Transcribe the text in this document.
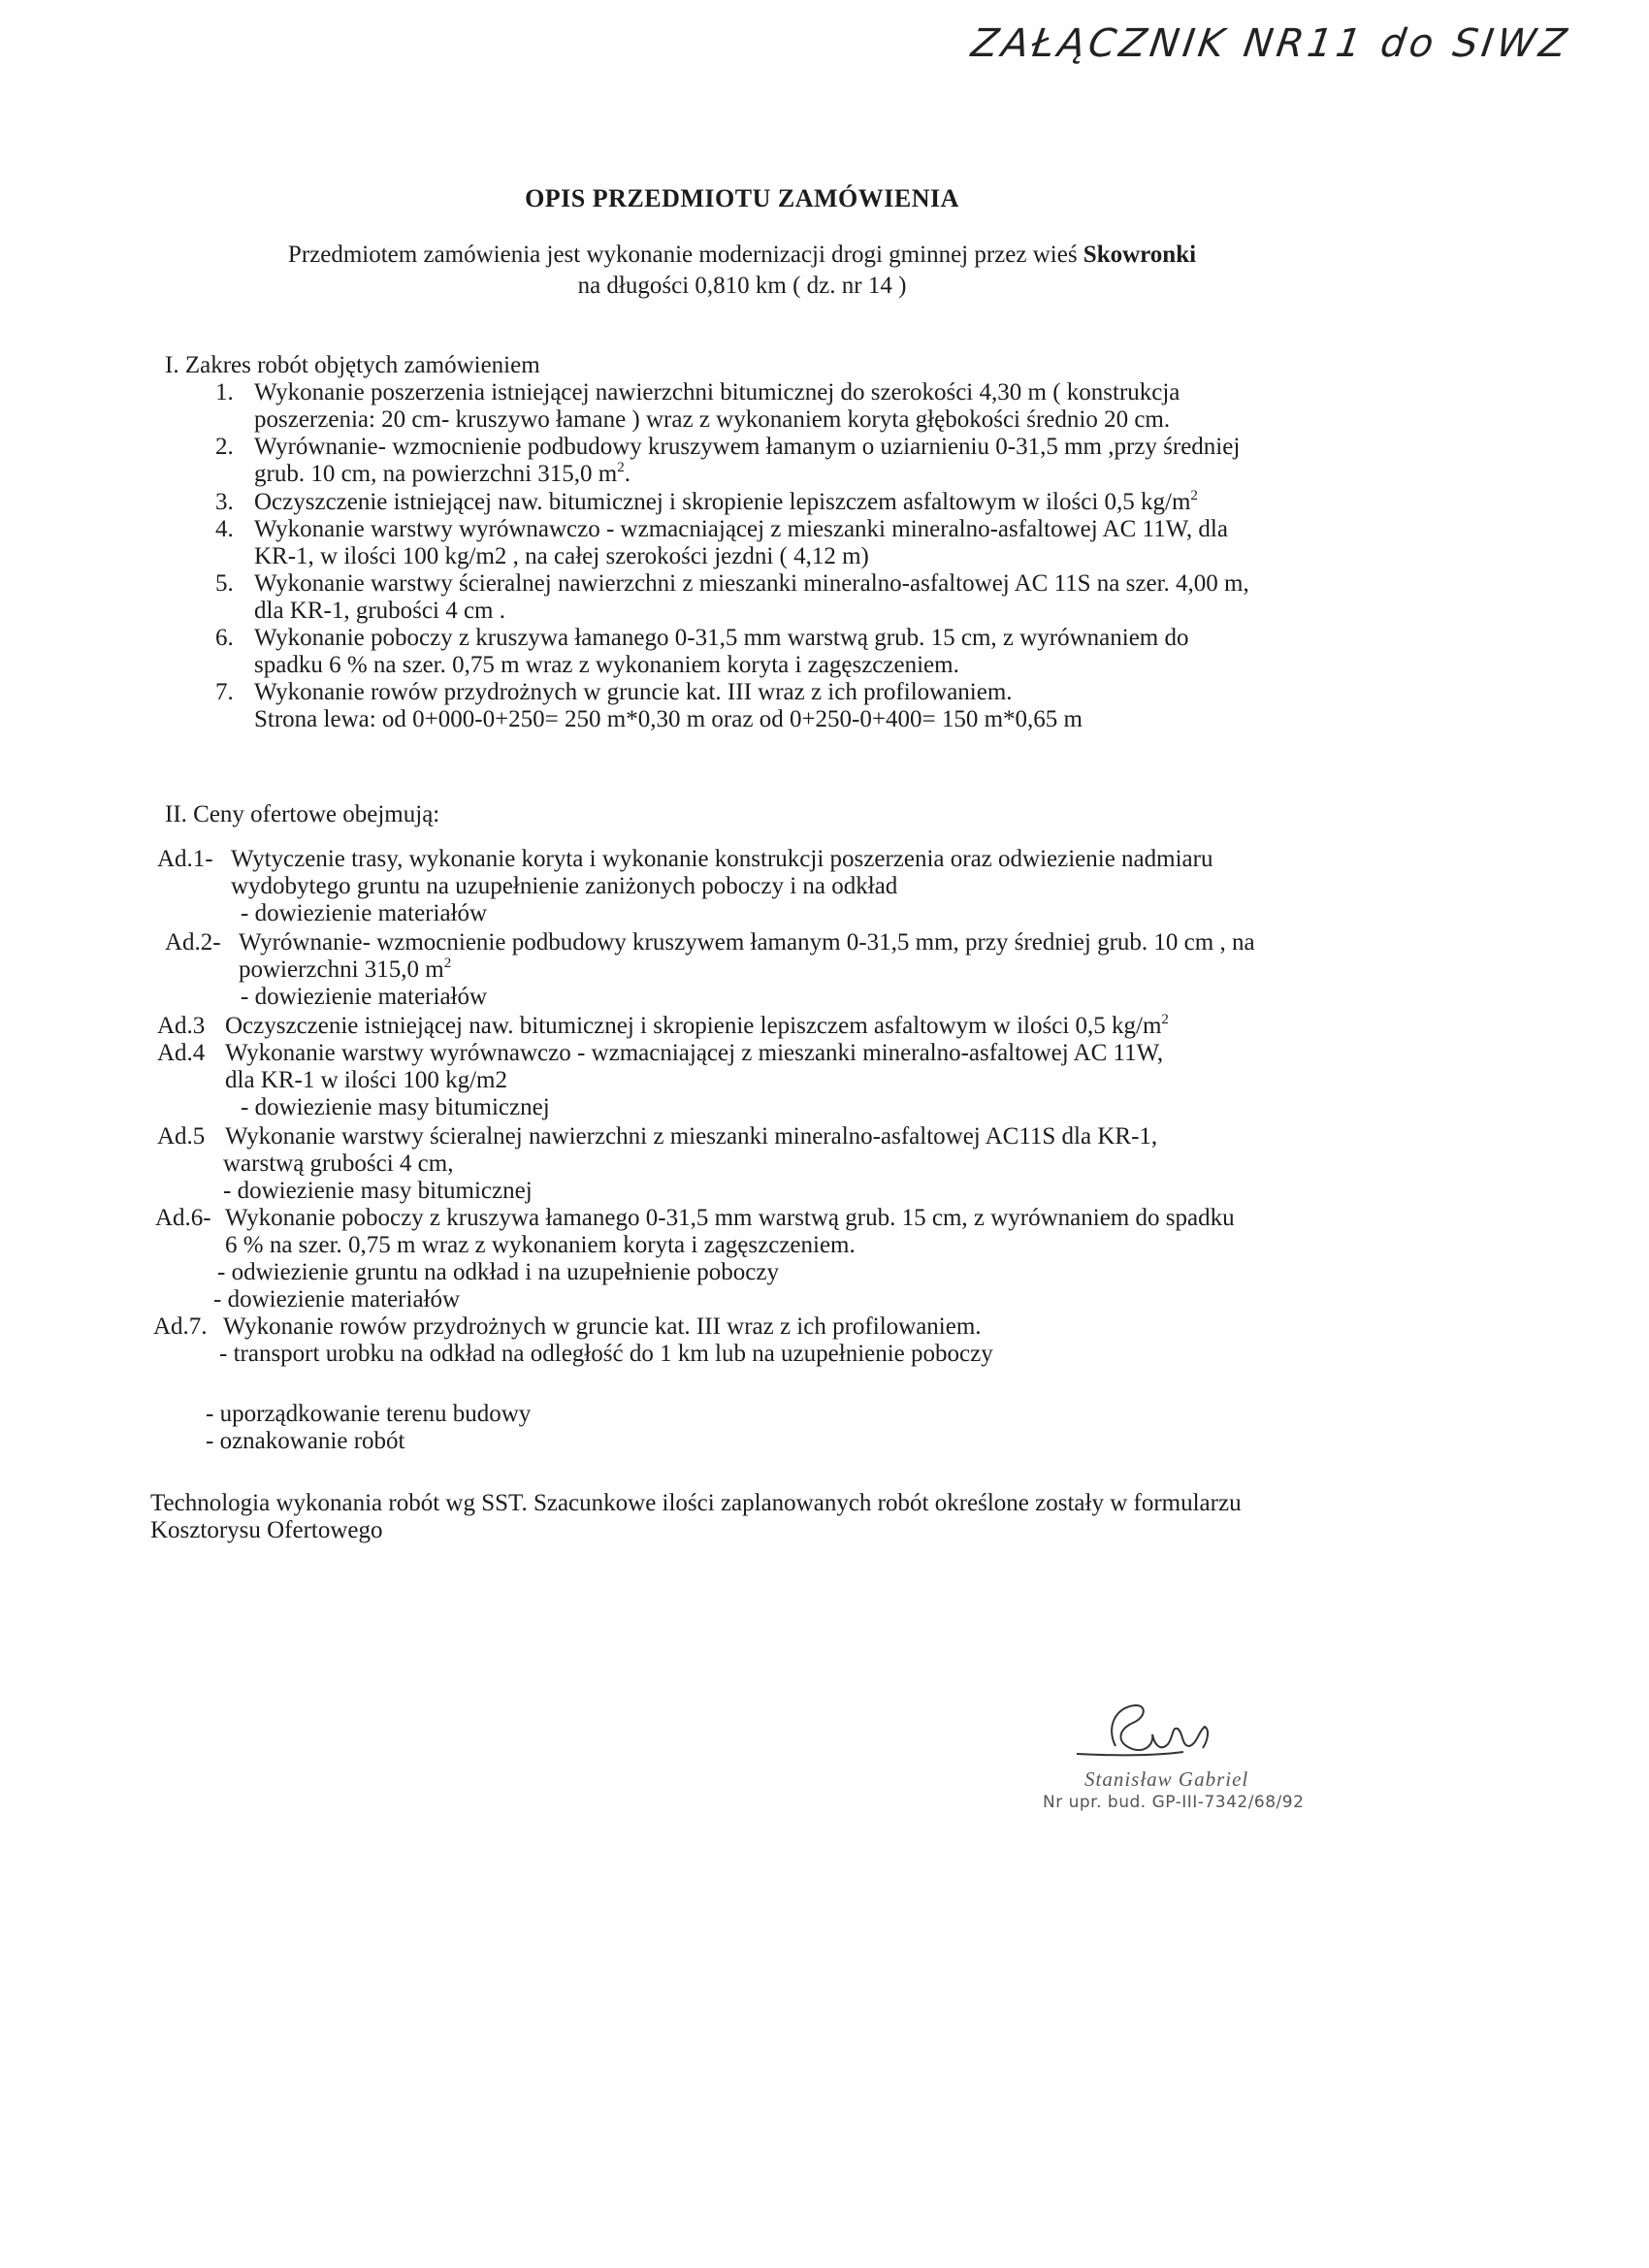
ZAŁĄCZNIK NR11 do SIWZ
OPIS PRZEDMIOTU ZAMÓWIENIA
Przedmiotem zamówienia jest wykonanie modernizacji drogi gminnej przez wieś Skowronki
na długości 0,810 km ( dz. nr 14 )
I. Zakres robót objętych zamówieniem
1. Wykonanie poszerzenia istniejącej nawierzchni bitumicznej do szerokości 4,30 m ( konstrukcja
poszerzenia: 20 cm- kruszywo łamane ) wraz z wykonaniem koryta głębokości średnio 20 cm.
2. Wyrównanie- wzmocnienie podbudowy kruszywem łamanym o uziarnieniu 0-31,5 mm ,przy średniej
grub. 10 cm, na powierzchni 315,0 $m^2$.
3. Oczyszczenie istniejącej naw. bitumicznej i skropienie lepiszczem asfaltowym w ilości 0,5 $kg/m^2$
4. Wykonanie warstwy wyrównawczo - wzmacniającej z mieszanki mineralno-asfaltowej AC 11W, dla
KR-1, w ilości 100 kg/m2 , na całej szerokości jezdni ( 4,12 m)
5. Wykonanie warstwy ścieralnej nawierzchni z mieszanki mineralno-asfaltowej AC 11S na szer. 4,00 m,
dla KR-1, grubości 4 cm .
6. Wykonanie poboczy z kruszywa łamanego 0-31,5 mm warstwą grub. 15 cm, z wyrównaniem do
spadku 6 % na szer. 0,75 m wraz z wykonaniem koryta i zagęszczeniem.
7. Wykonanie rowów przydrożnych w gruncie kat. III wraz z ich profilowaniem.
Strona lewa: od 0+000-0+250= 250 m*0,30 m oraz od 0+250-0+400= 150 m*0,65 m
II. Ceny ofertowe obejmują:
Ad.1- Wytyczenie trasy, wykonanie koryta i wykonanie konstrukcji poszerzenia oraz odwiezienie nadmiaru
wydobytego gruntu na uzupełnienie zaniżonych poboczy i na odkład
- dowiezienie materiałów
Ad.2- Wyrównanie- wzmocnienie podbudowy kruszywem łamanym 0-31,5 mm, przy średniej grub. 10 cm , na
powierzchni 315,0 $m^2$
- dowiezienie materiałów
Ad.3 Oczyszczenie istniejącej naw. bitumicznej i skropienie lepiszczem asfaltowym w ilości 0,5 $kg/m^2$
Ad.4 Wykonanie warstwy wyrównawczo - wzmacniającej z mieszanki mineralno-asfaltowej AC 11W,
dla KR-1 w ilości 100 kg/m2
- dowiezienie masy bitumicznej
Ad.5 Wykonanie warstwy ścieralnej nawierzchni z mieszanki mineralno-asfaltowej AC11S dla KR-1,
warstwą grubości 4 cm,
- dowiezienie masy bitumicznej
Ad.6- Wykonanie poboczy z kruszywa łamanego 0-31,5 mm warstwą grub. 15 cm, z wyrównaniem do spadku
6 % na szer. 0,75 m wraz z wykonaniem koryta i zagęszczeniem.
- odwiezienie gruntu na odkład i na uzupełnienie poboczy
- dowiezienie materiałów
Ad.7. Wykonanie rowów przydrożnych w gruncie kat. III wraz z ich profilowaniem.
- transport urobku na odkład na odległość do 1 km lub na uzupełnienie poboczy
- uporządkowanie terenu budowy
- oznakowanie robót
Technologia wykonania robót wg SST. Szacunkowe ilości zaplanowanych robót określone zostały w formularzu
Kosztorysu Ofertowego
Stanisław Gabriel
Nr upr. bud. GP-III-7342/68/92
